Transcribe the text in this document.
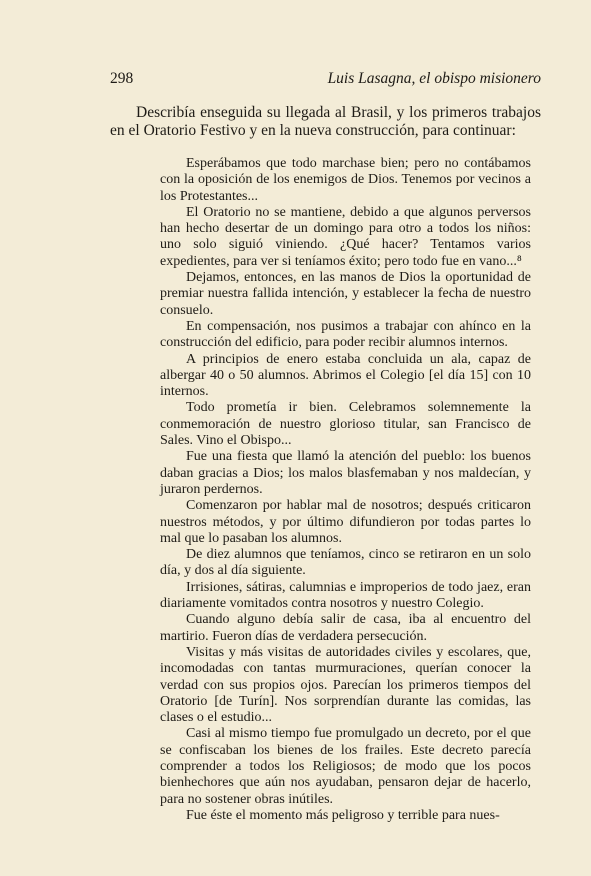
298	Luis Lasagna, el obispo misionero
Describía enseguida su llegada al Brasil, y los primeros trabajos en el Oratorio Festivo y en la nueva construcción, para continuar:

Esperábamos que todo marchase bien; pero no contábamos con la oposición de los enemigos de Dios. Tenemos por vecinos a los Protestantes...

El Oratorio no se mantiene, debido a que algunos perversos han hecho desertar de un domingo para otro a todos los niños: uno solo siguió viniendo. ¿Qué hacer? Tentamos varios expedientes, para ver si teníamos éxito; pero todo fue en vano...⁸

Dejamos, entonces, en las manos de Dios la oportunidad de premiar nuestra fallida intención, y establecer la fecha de nuestro consuelo.

En compensación, nos pusimos a trabajar con ahínco en la construcción del edificio, para poder recibir alumnos internos.

A principios de enero estaba concluida un ala, capaz de albergar 40 o 50 alumnos. Abrimos el Colegio [el día 15] con 10 internos.

Todo prometía ir bien. Celebramos solemnemente la conmemoración de nuestro glorioso titular, san Francisco de Sales. Vino el Obispo...

Fue una fiesta que llamó la atención del pueblo: los buenos daban gracias a Dios; los malos blasfemaban y nos maldecían, y juraron perdernos.

Comenzaron por hablar mal de nosotros; después criticaron nuestros métodos, y por último difundieron por todas partes lo mal que lo pasaban los alumnos.

De diez alumnos que teníamos, cinco se retiraron en un solo día, y dos al día siguiente.

Irrisiones, sátiras, calumnias e improperios de todo jaez, eran diariamente vomitados contra nosotros y nuestro Colegio.

Cuando alguno debía salir de casa, iba al encuentro del martirio. Fueron días de verdadera persecución.

Visitas y más visitas de autoridades civiles y escolares, que, incomodadas con tantas murmuraciones, querían conocer la verdad con sus propios ojos. Parecían los primeros tiempos del Oratorio [de Turín]. Nos sorprendían durante las comidas, las clases o el estudio...

Casi al mismo tiempo fue promulgado un decreto, por el que se confiscaban los bienes de los frailes. Este decreto parecía comprender a todos los Religiosos; de modo que los pocos bienhechores que aún nos ayudaban, pensaron dejar de hacerlo, para no sostener obras inútiles.

Fue éste el momento más peligroso y terrible para nues-
